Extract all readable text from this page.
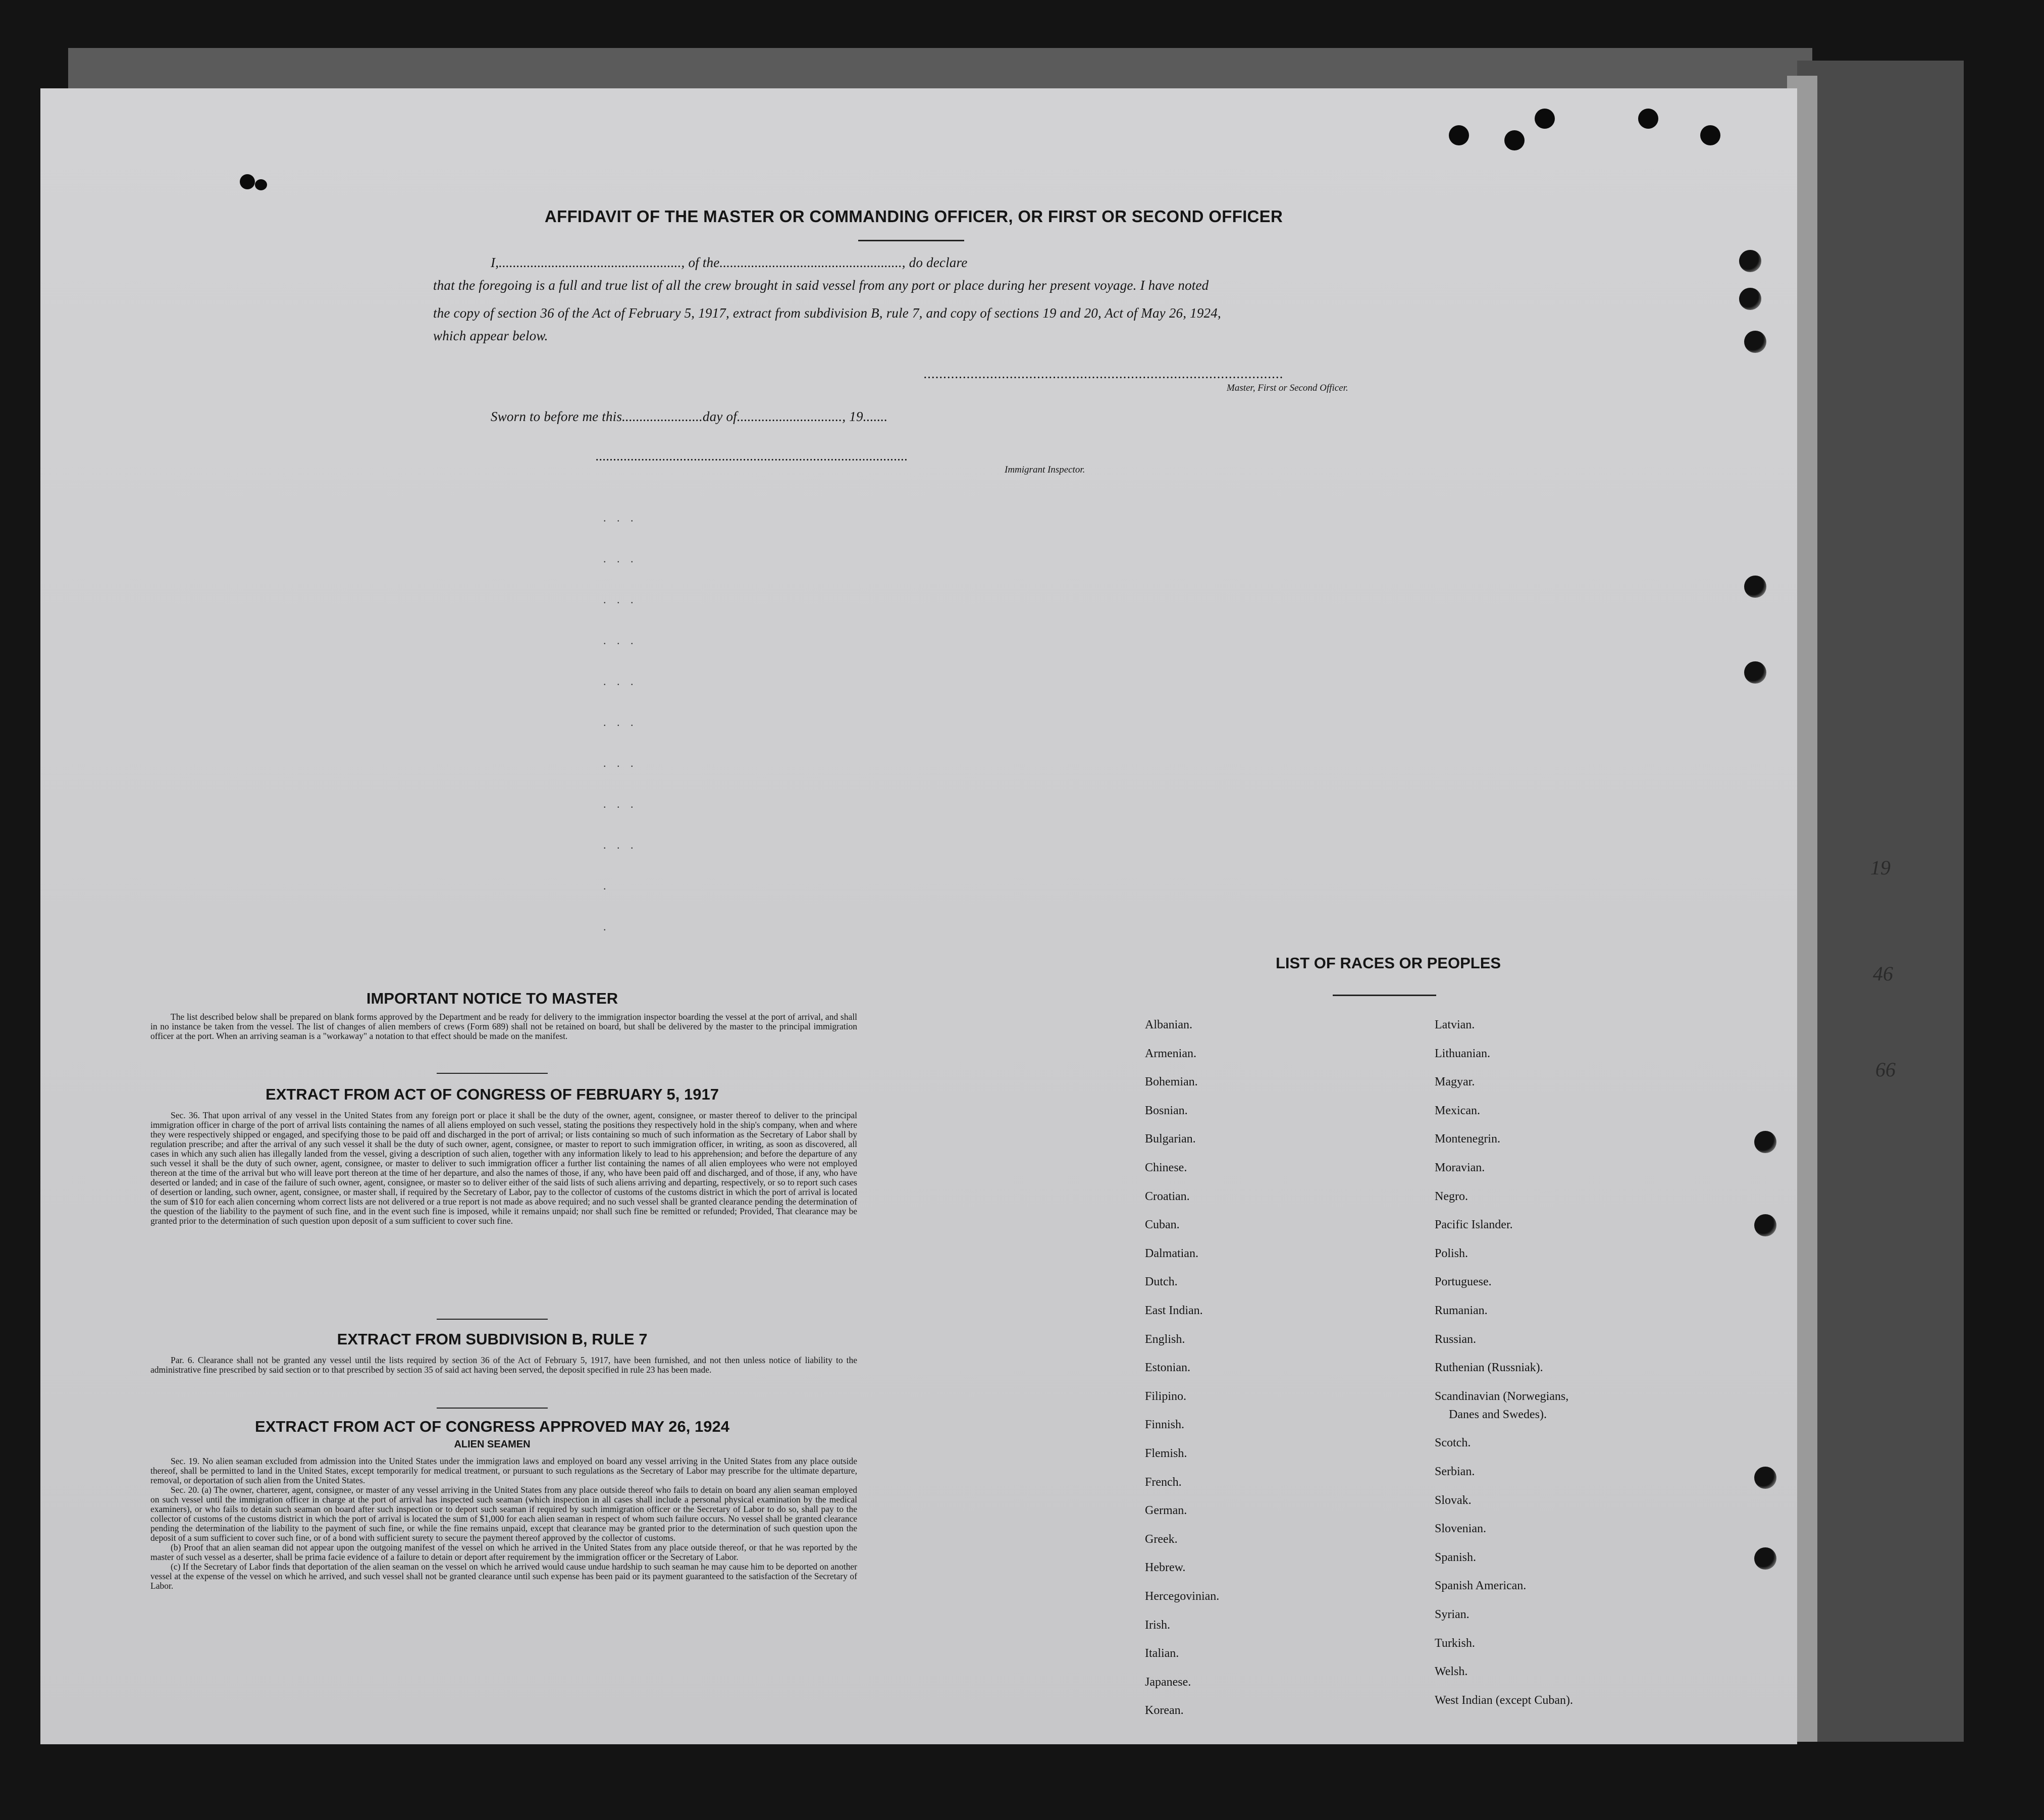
19
46
66
AFFIDAVIT OF THE MASTER OR COMMANDING OFFICER, OR FIRST OR SECOND OFFICER
I,...................................................., of the...................................................., do declare
that the foregoing is a full and true list of all the crew brought in said vessel from any port or place during her present voyage. I have noted
the copy of section 36 of the Act of February 5, 1917, extract from subdivision B, rule 7, and copy of sections 19 and 20, Act of May 26, 1924,
which appear below.
............................................................................................
Master, First or Second Officer.
Sworn to before me this.......................day of.............................., 19.......
.........................................................................................
Immigrant Inspector.
. . .
. . .
. . .
. . .
. . .
. . .
. . .
. . .
. . .
.
.
IMPORTANT NOTICE TO MASTER

The list described below shall be prepared on blank forms approved by the Department and be ready for delivery to the immigration inspector boarding the vessel at the port of arrival, and shall in no instance be taken from the vessel. The list of changes of alien members of crews (Form 689) shall not be retained on board, but shall be delivered by the master to the principal immigration officer at the port. When an arriving seaman is a "workaway" a notation to that effect should be made on the manifest.

EXTRACT FROM ACT OF CONGRESS OF FEBRUARY 5, 1917

Sec. 36. That upon arrival of any vessel in the United States from any foreign port or place it shall be the duty of the owner, agent, consignee, or master thereof to deliver to the principal immigration officer in charge of the port of arrival lists containing the names of all aliens employed on such vessel, stating the positions they respectively hold in the ship's company, when and where they were respectively shipped or engaged, and specifying those to be paid off and discharged in the port of arrival; or lists containing so much of such information as the Secretary of Labor shall by regulation prescribe; and after the arrival of any such vessel it shall be the duty of such owner, agent, consignee, or master to report to such immigration officer, in writing, as soon as discovered, all cases in which any such alien has illegally landed from the vessel, giving a description of such alien, together with any information likely to lead to his apprehension; and before the departure of any such vessel it shall be the duty of such owner, agent, consignee, or master to deliver to such immigration officer a further list containing the names of all alien employees who were not employed thereon at the time of the arrival but who will leave port thereon at the time of her departure, and also the names of those, if any, who have been paid off and discharged, and of those, if any, who have deserted or landed; and in case of the failure of such owner, agent, consignee, or master so to deliver either of the said lists of such aliens arriving and departing, respectively, or so to report such cases of desertion or landing, such owner, agent, consignee, or master shall, if required by the Secretary of Labor, pay to the collector of customs of the customs district in which the port of arrival is located the sum of $10 for each alien concerning whom correct lists are not delivered or a true report is not made as above required; and no such vessel shall be granted clearance pending the determination of the question of the liability to the payment of such fine, and in the event such fine is imposed, while it remains unpaid; nor shall such fine be remitted or refunded; Provided, That clearance may be granted prior to the determination of such question upon deposit of a sum sufficient to cover such fine.

EXTRACT FROM SUBDIVISION B, RULE 7

Par. 6. Clearance shall not be granted any vessel until the lists required by section 36 of the Act of February 5, 1917, have been furnished, and not then unless notice of liability to the administrative fine prescribed by said section or to that prescribed by section 35 of said act having been served, the deposit specified in rule 23 has been made.

EXTRACT FROM ACT OF CONGRESS APPROVED MAY 26, 1924
ALIEN SEAMEN

Sec. 19. No alien seaman excluded from admission into the United States under the immigration laws and employed on board any vessel arriving in the United States from any place outside thereof, shall be permitted to land in the United States, except temporarily for medical treatment, or pursuant to such regulations as the Secretary of Labor may prescribe for the ultimate departure, removal, or deportation of such alien from the United States.

Sec. 20. (a) The owner, charterer, agent, consignee, or master of any vessel arriving in the United States from any place outside thereof who fails to detain on board any alien seaman employed on such vessel until the immigration officer in charge at the port of arrival has inspected such seaman (which inspection in all cases shall include a personal physical examination by the medical examiners), or who fails to detain such seaman on board after such inspection or to deport such seaman if required by such immigration officer or the Secretary of Labor to do so, shall pay to the collector of customs of the customs district in which the port of arrival is located the sum of $1,000 for each alien seaman in respect of whom such failure occurs. No vessel shall be granted clearance pending the determination of the liability to the payment of such fine, or while the fine remains unpaid, except that clearance may be granted prior to the determination of such question upon the deposit of a sum sufficient to cover such fine, or of a bond with sufficient surety to secure the payment thereof approved by the collector of customs.

(b) Proof that an alien seaman did not appear upon the outgoing manifest of the vessel on which he arrived in the United States from any place outside thereof, or that he was reported by the master of such vessel as a deserter, shall be prima facie evidence of a failure to detain or deport after requirement by the immigration officer or the Secretary of Labor.

(c) If the Secretary of Labor finds that deportation of the alien seaman on the vessel on which he arrived would cause undue hardship to such seaman he may cause him to be deported on another vessel at the expense of the vessel on which he arrived, and such vessel shall not be granted clearance until such expense has been paid or its payment guaranteed to the satisfaction of the Secretary of Labor.

LIST OF RACES OR PEOPLES
Albanian.
Armenian.
Bohemian.
Bosnian.
Bulgarian.
Chinese.
Croatian.
Cuban.
Dalmatian.
Dutch.
East Indian.
English.
Estonian.
Filipino.
Finnish.
Flemish.
French.
German.
Greek.
Hebrew.
Hercegovinian.
Irish.
Italian.
Japanese.
Korean.
Latvian.
Lithuanian.
Magyar.
Mexican.
Montenegrin.
Moravian.
Negro.
Pacific Islander.
Polish.
Portuguese.
Rumanian.
Russian.
Ruthenian (Russniak).
Scandinavian (Norwegians,
Danes and Swedes).
Scotch.
Serbian.
Slovak.
Slovenian.
Spanish.
Spanish American.
Syrian.
Turkish.
Welsh.
West Indian (except Cuban).
